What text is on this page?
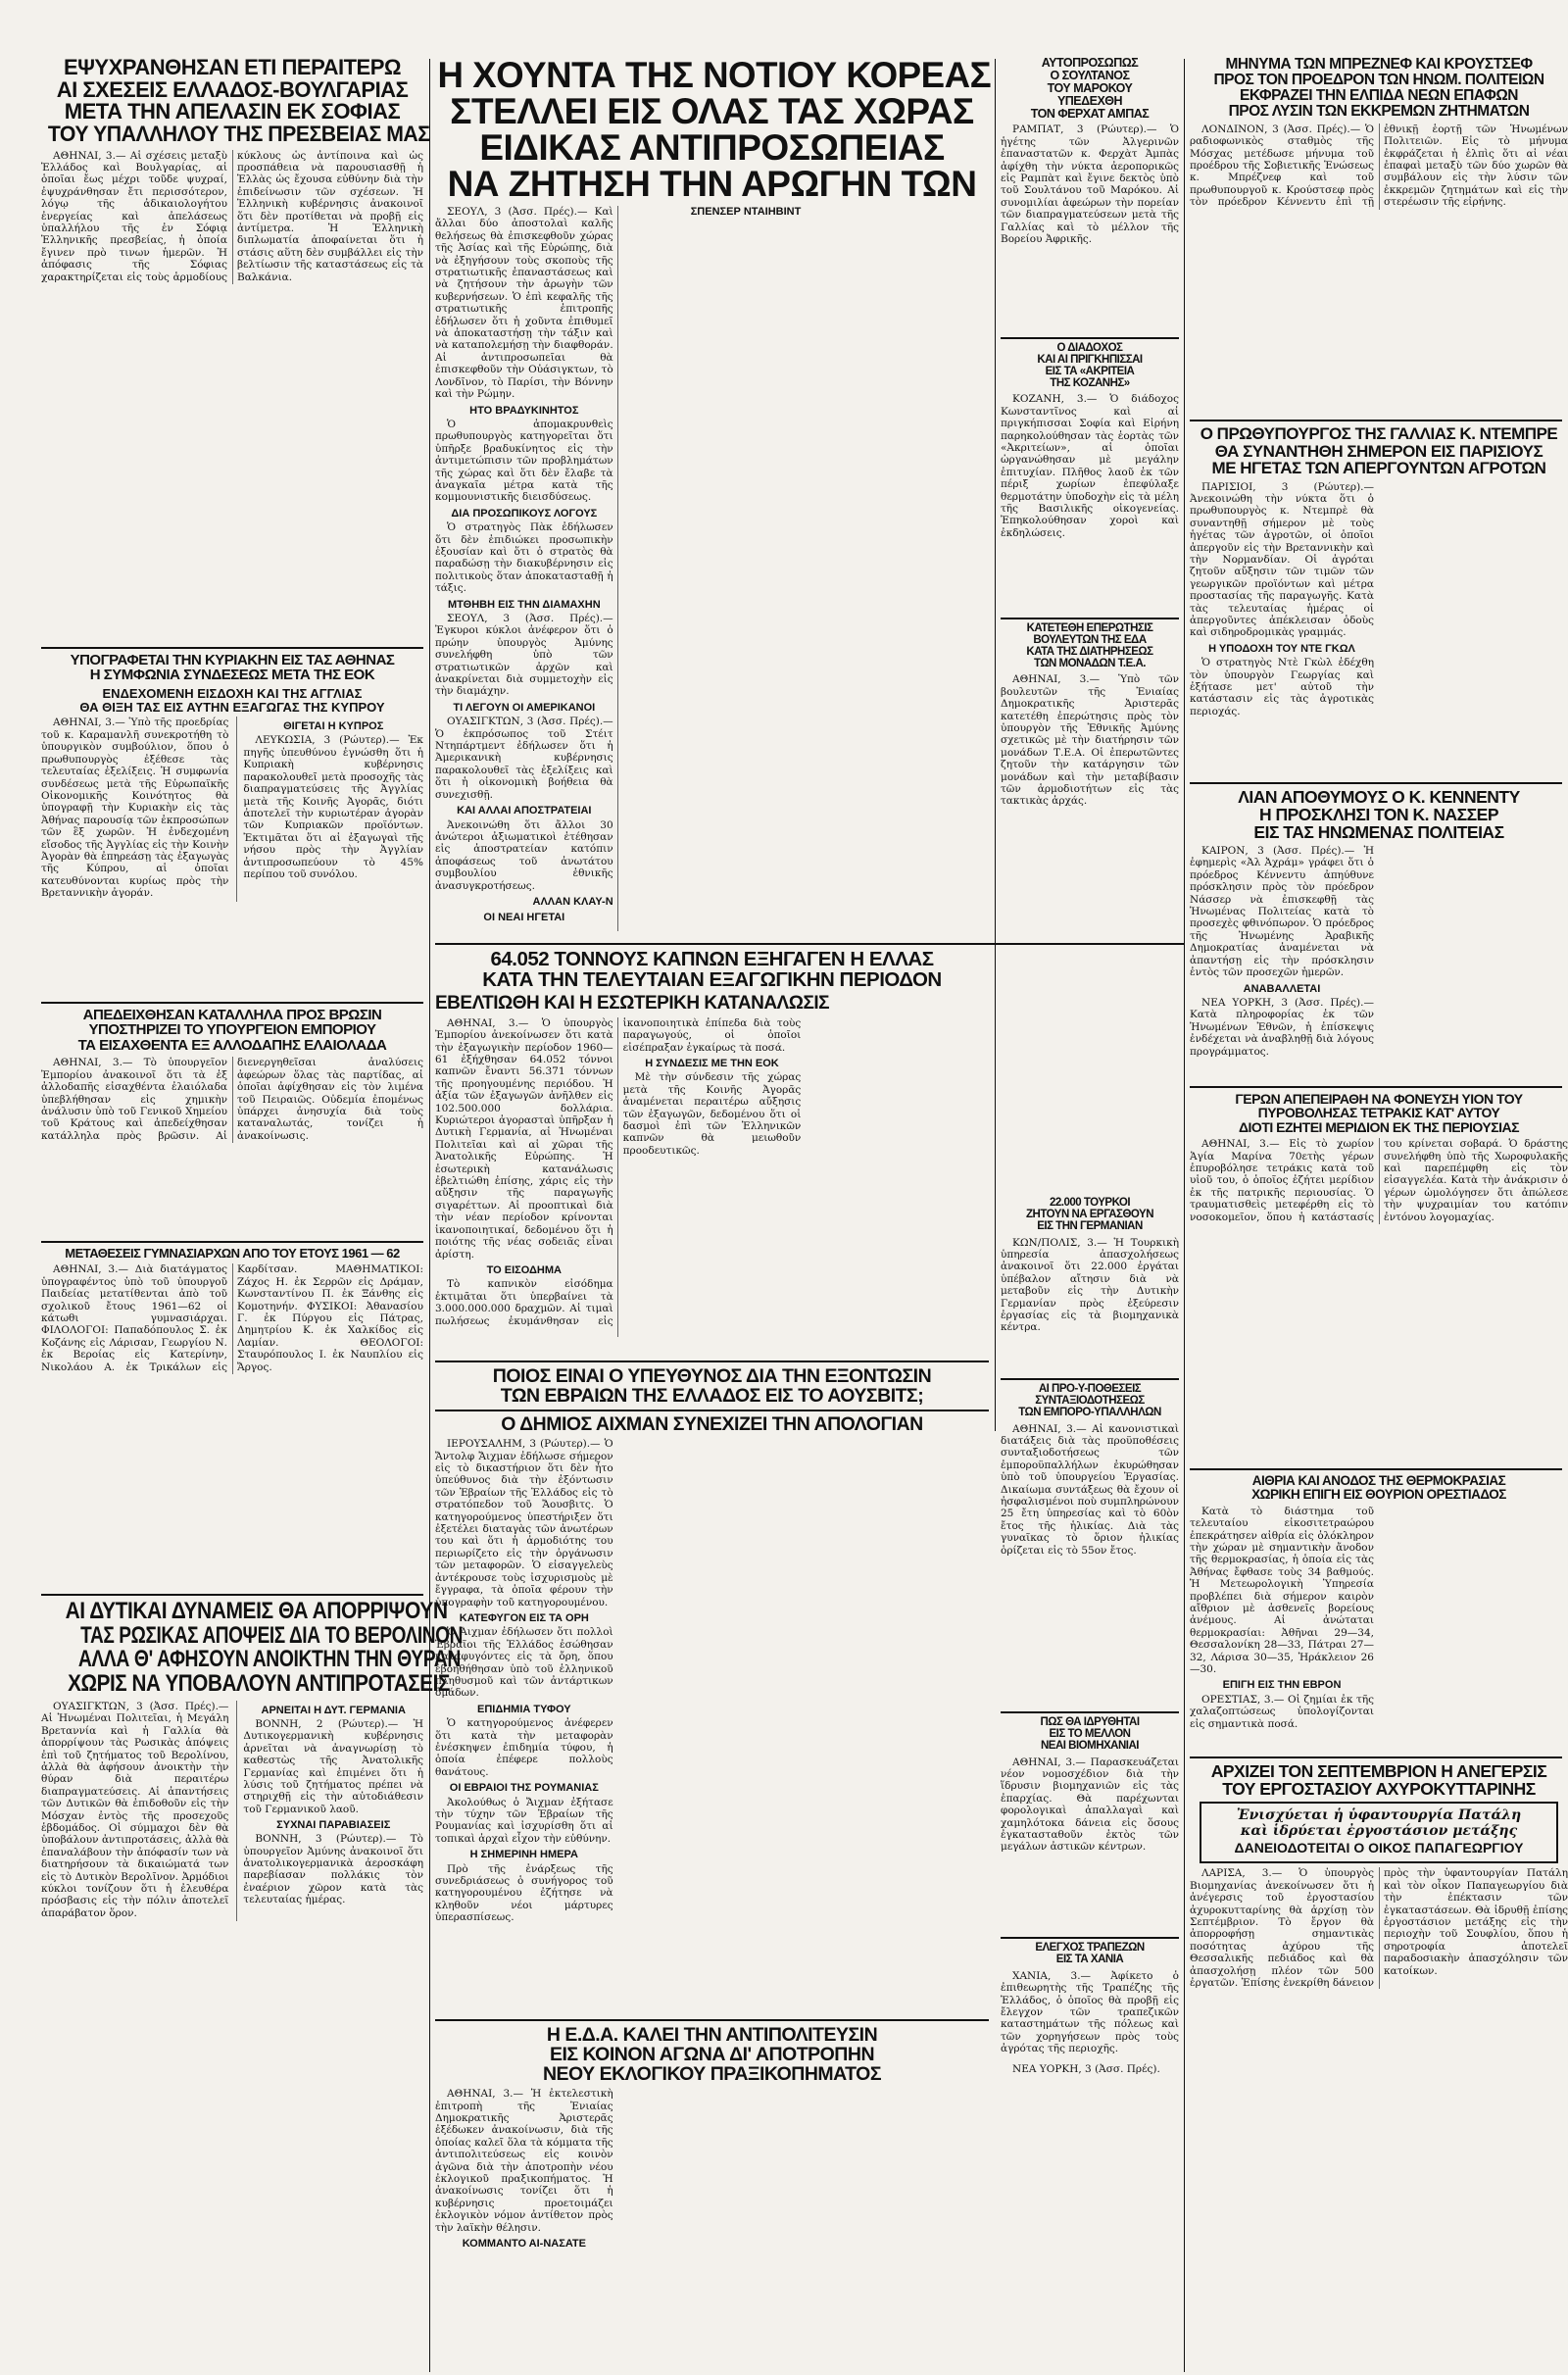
ΕΨΥΧΡΑΝΘΗΣΑΝ ΕΤΙ ΠΕΡΑΙΤΕΡΩ
ΑΙ ΣΧΕΣΕΙΣ ΕΛΛΑΔΟΣ-ΒΟΥΛΓΑΡΙΑΣ
ΜΕΤΑ ΤΗΝ ΑΠΕΛΑΣΙΝ ΕΚ ΣΟΦΙΑΣ
ΤΟΥ ΥΠΑΛΛΗΛΟΥ ΤΗΣ ΠΡΕΣΒΕΙΑΣ ΜΑΣ

ΑΘΗΝΑΙ, 3.— Αἱ σχέσεις μεταξὺ Ἑλλάδος καὶ Βουλγαρίας, αἱ ὁποῖαι ἔως μέχρι τοῦδε ψυχραί, ἐψυχράνθησαν ἔτι περισσότερον, λόγῳ τῆς ἀδικαιολογήτου ἐνεργείας καὶ ἀπελάσεως ὑπαλλήλου τῆς ἐν Σόφιᾳ Ἑλληνικῆς πρεσβείας, ἡ ὁποία ἔγινεν πρὸ τινων ἡμερῶν. Ἡ ἀπόφασις τῆς Σόφιας χαρακτηρίζεται εἰς τοὺς ἁρμοδίους κύκλους ὡς ἀντίποινα καὶ ὡς προσπάθεια νὰ παρουσιασθῇ ἡ Ἑλλὰς ὡς ἔχουσα εὐθύνην διὰ τὴν ἐπιδείνωσιν τῶν σχέσεων. Ἡ Ἑλληνικὴ κυβέρνησις ἀνακοινοῖ ὅτι δὲν προτίθεται νὰ προβῇ εἰς ἀντίμετρα. Ἡ Ἑλληνικὴ διπλωματία ἀποφαίνεται ὅτι ἡ στάσις αὕτη δὲν συμβάλλει εἰς τὴν βελτίωσιν τῆς καταστάσεως εἰς τὰ Βαλκάνια.

ΥΠΟΓΡΑΦΕΤΑΙ ΤΗΝ ΚΥΡΙΑΚΗΝ ΕΙΣ ΤΑΣ ΑΘΗΝΑΣ
Η ΣΥΜΦΩΝΙΑ ΣΥΝΔΕΣΕΩΣ ΜΕΤΑ ΤΗΣ ΕΟΚ
ΕΝΔΕΧΟΜΕΝΗ ΕΙΣΔΟΧΗ ΚΑΙ ΤΗΣ ΑΓΓΛΙΑΣ
ΘΑ ΘΙΞΗ ΤΑΣ ΕΙΣ ΑΥΤΗΝ ΕΞΑΓΩΓΑΣ ΤΗΣ ΚΥΠΡΟΥ

ΑΘΗΝΑΙ, 3.— Ὑπὸ τῆς προεδρίας τοῦ κ. Καραμανλῆ συνεκροτήθη τὸ ὑπουργικὸν συμβούλιον, ὅπου ὁ πρωθυπουργὸς ἐξέθεσε τὰς τελευταίας ἐξελίξεις. Ἡ συμφωνία συνδέσεως μετὰ τῆς Εὐρωπαϊκῆς Οἰκονομικῆς Κοινότητος θὰ ὑπογραφῇ τὴν Κυριακὴν εἰς τὰς Ἀθήνας παρουσίᾳ τῶν ἐκπροσώπων τῶν ἓξ χωρῶν. Ἡ ἐνδεχομένη εἴσοδος τῆς Ἀγγλίας εἰς τὴν Κοινὴν Ἀγορὰν θὰ ἐπηρεάσῃ τὰς ἐξαγωγὰς τῆς Κύπρου, αἱ ὁποῖαι κατευθύνονται κυρίως πρὸς τὴν Βρεταννικὴν ἀγοράν.

ΘΙΓΕΤΑΙ Η ΚΥΠΡΟΣ

ΛΕΥΚΩΣΙΑ, 3 (Ρώυτερ).— Ἐκ πηγῆς ὑπευθύνου ἐγνώσθη ὅτι ἡ Κυπριακὴ κυβέρνησις παρακολουθεῖ μετὰ προσοχῆς τὰς διαπραγματεύσεις τῆς Ἀγγλίας μετὰ τῆς Κοινῆς Ἀγορᾶς, διότι ἀποτελεῖ τὴν κυριωτέραν ἀγορὰν τῶν Κυπριακῶν προϊόντων. Ἐκτιμᾶται ὅτι αἱ ἐξαγωγαὶ τῆς νήσου πρὸς τὴν Ἀγγλίαν ἀντιπροσωπεύουν τὸ 45% περίπου τοῦ συνόλου.

ΑΠΕΔΕΙΧΘΗΣΑΝ ΚΑΤΑΛΛΗΛΑ ΠΡΟΣ ΒΡΩΣΙΝ
ΥΠΟΣΤΗΡΙΖΕΙ ΤΟ ΥΠΟΥΡΓΕΙΟΝ ΕΜΠΟΡΙΟΥ
ΤΑ ΕΙΣΑΧΘΕΝΤΑ ΕΞ ΑΛΛΟΔΑΠΗΣ ΕΛΑΙΟΛΑΔΑ

ΑΘΗΝΑΙ, 3.— Τὸ ὑπουργεῖον Ἐμπορίου ἀνακοινοῖ ὅτι τὰ ἐξ ἀλλοδαπῆς εἰσαχθέντα ἐλαιόλαδα ὑπεβλήθησαν εἰς χημικὴν ἀνάλυσιν ὑπὸ τοῦ Γενικοῦ Χημείου τοῦ Κράτους καὶ ἀπεδείχθησαν κατάλληλα πρὸς βρῶσιν. Αἱ διενεργηθεῖσαι ἀναλύσεις ἀφεώρων ὅλας τὰς παρτίδας, αἱ ὁποῖαι ἀφίχθησαν εἰς τὸν λιμένα τοῦ Πειραιῶς. Οὐδεμία ἐπομένως ὑπάρχει ἀνησυχία διὰ τοὺς καταναλωτάς, τονίζει ἡ ἀνακοίνωσις.

ΜΕΤΑΘΕΣΕΙΣ ΓΥΜΝΑΣΙΑΡΧΩΝ ΑΠΟ ΤΟΥ ΕΤΟΥΣ 1961 — 62

ΑΘΗΝΑΙ, 3.— Διὰ διατάγματος ὑπογραφέντος ὑπὸ τοῦ ὑπουργοῦ Παιδείας μετατίθενται ἀπὸ τοῦ σχολικοῦ ἔτους 1961—62 οἱ κάτωθι γυμνασιάρχαι. ΦΙΛΟΛΟΓΟΙ: Παπαδόπουλος Σ. ἐκ Κοζάνης εἰς Λάρισαν, Γεωργίου Ν. ἐκ Βεροίας εἰς Κατερίνην, Νικολάου Α. ἐκ Τρικάλων εἰς Καρδίτσαν. ΜΑΘΗΜΑΤΙΚΟΙ: Ζάχος Η. ἐκ Σερρῶν εἰς Δράμαν, Κωνσταντίνου Π. ἐκ Ξάνθης εἰς Κομοτηνήν. ΦΥΣΙΚΟΙ: Ἀθανασίου Γ. ἐκ Πύργου εἰς Πάτρας, Δημητρίου Κ. ἐκ Χαλκίδος εἰς Λαμίαν. ΘΕΟΛΟΓΟΙ: Σταυρόπουλος Ι. ἐκ Ναυπλίου εἰς Ἄργος.

ΑΙ ΔΥΤΙΚΑΙ ΔΥΝΑΜΕΙΣ ΘΑ ΑΠΟΡΡΙΨΟΥΝ
ΤΑΣ ΡΩΣΙΚΑΣ ΑΠΟΨΕΙΣ ΔΙΑ ΤΟ ΒΕΡΟΛΙΝΟΝ
ΑΛΛΑ Θ' ΑΦΗΣΟΥΝ ΑΝΟΙΚΤΗΝ ΤΗΝ ΘΥΡΑΝ
ΧΩΡΙΣ ΝΑ ΥΠΟΒΑΛΟΥΝ ΑΝΤΙΠΡΟΤΑΣΕΙΣ

ΟΥΑΣΙΓΚΤΩΝ, 3 (Ἀσσ. Πρές).— Αἱ Ἡνωμέναι Πολιτεῖαι, ἡ Μεγάλη Βρεταννία καὶ ἡ Γαλλία θὰ ἀπορρίψουν τὰς Ρωσικὰς ἀπόψεις ἐπὶ τοῦ ζητήματος τοῦ Βερολίνου, ἀλλὰ θὰ ἀφήσουν ἀνοικτὴν τὴν θύραν διὰ περαιτέρω διαπραγματεύσεις. Αἱ ἀπαντήσεις τῶν Δυτικῶν θὰ ἐπιδοθοῦν εἰς τὴν Μόσχαν ἐντὸς τῆς προσεχοῦς ἑβδομάδος. Οἱ σύμμαχοι δὲν θὰ ὑποβάλουν ἀντιπροτάσεις, ἀλλὰ θὰ ἐπαναλάβουν τὴν ἀπόφασίν των νὰ διατηρήσουν τὰ δικαιώματά των εἰς τὸ Δυτικὸν Βερολῖνον. Ἀρμόδιοι κύκλοι τονίζουν ὅτι ἡ ἐλευθέρα πρόσβασις εἰς τὴν πόλιν ἀποτελεῖ ἀπαράβατον ὅρον.

ΑΡΝΕΙΤΑΙ Η ΔΥΤ. ΓΕΡΜΑΝΙΑ

ΒΟΝΝΗ, 2 (Ρώυτερ).— Ἡ Δυτικογερμανικὴ κυβέρνησις ἀρνεῖται νὰ ἀναγνωρίσῃ τὸ καθεστὼς τῆς Ἀνατολικῆς Γερμανίας καὶ ἐπιμένει ὅτι ἡ λύσις τοῦ ζητήματος πρέπει νὰ στηριχθῇ εἰς τὴν αὐτοδιάθεσιν τοῦ Γερμανικοῦ λαοῦ.

ΣΥΧΝΑΙ ΠΑΡΑΒΙΑΣΕΙΣ

ΒΟΝΝΗ, 3 (Ρώυτερ).— Τὸ ὑπουργεῖον Ἀμύνης ἀνακοινοῖ ὅτι ἀνατολικογερμανικὰ ἀεροσκάφη παρεβίασαν πολλάκις τὸν ἐναέριον χῶρον κατὰ τὰς τελευταίας ἡμέρας.

Η ΧΟΥΝΤΑ ΤΗΣ ΝΟΤΙΟΥ ΚΟΡΕΑΣ
ΣΤΕΛΛΕΙ ΕΙΣ ΟΛΑΣ ΤΑΣ ΧΩΡΑΣ
ΕΙΔΙΚΑΣ ΑΝΤΙΠΡΟΣΩΠΕΙΑΣ
ΝΑ ΖΗΤΗΣΗ ΤΗΝ ΑΡΩΓΗΝ ΤΩΝ

ΣΕΟΥΛ, 3 (Ἀσσ. Πρές).— Καὶ ἄλλαι δύο ἀποστολαὶ καλῆς θελήσεως θὰ ἐπισκεφθοῦν χώρας τῆς Ἀσίας καὶ τῆς Εὐρώπης, διὰ νὰ ἐξηγήσουν τοὺς σκοποὺς τῆς στρατιωτικῆς ἐπαναστάσεως καὶ νὰ ζητήσουν τὴν ἀρωγὴν τῶν κυβερνήσεων. Ὁ ἐπὶ κεφαλῆς τῆς στρατιωτικῆς ἐπιτροπῆς ἐδήλωσεν ὅτι ἡ χοῦντα ἐπιθυμεῖ νὰ ἀποκαταστήσῃ τὴν τάξιν καὶ νὰ καταπολεμήσῃ τὴν διαφθοράν. Αἱ ἀντιπροσωπεῖαι θὰ ἐπισκεφθοῦν τὴν Οὐάσιγκτων, τὸ Λονδῖνον, τὸ Παρίσι, τὴν Βόννην καὶ τὴν Ρώμην.

ΗΤΟ ΒΡΑΔΥΚΙΝΗΤΟΣ

Ὁ ἀπομακρυνθεὶς πρωθυπουργὸς κατηγορεῖται ὅτι ὑπῆρξε βραδυκίνητος εἰς τὴν ἀντιμετώπισιν τῶν προβλημάτων τῆς χώρας καὶ ὅτι δὲν ἔλαβε τὰ ἀναγκαῖα μέτρα κατὰ τῆς κομμουνιστικῆς διεισδύσεως.

ΔΙΑ ΠΡΟΣΩΠΙΚΟΥΣ ΛΟΓΟΥΣ

Ὁ στρατηγὸς Πὰκ ἐδήλωσεν ὅτι δὲν ἐπιδιώκει προσωπικὴν ἐξουσίαν καὶ ὅτι ὁ στρατὸς θὰ παραδώσῃ τὴν διακυβέρνησιν εἰς πολιτικοὺς ὅταν ἀποκατασταθῇ ἡ τάξις.

ΜΤΘΗΒΗ ΕΙΣ ΤΗΝ ΔΙΑΜΑΧΗΝ

ΣΕΟΥΛ, 3 (Ἀσσ. Πρές).— Ἐγκυροι κύκλοι ἀνέφερον ὅτι ὁ πρώην ὑπουργὸς Ἀμύνης συνελήφθη ὑπὸ τῶν στρατιωτικῶν ἀρχῶν καὶ ἀνακρίνεται διὰ συμμετοχὴν εἰς τὴν διαμάχην.

ΤΙ ΛΕΓΟΥΝ ΟΙ ΑΜΕΡΙΚΑΝΟΙ

ΟΥΑΣΙΓΚΤΩΝ, 3 (Ἀσσ. Πρές).— Ὁ ἐκπρόσωπος τοῦ Στέιτ Ντηπάρτμεντ ἐδήλωσεν ὅτι ἡ Ἀμερικανικὴ κυβέρνησις παρακολουθεῖ τὰς ἐξελίξεις καὶ ὅτι ἡ οἰκονομικὴ βοήθεια θὰ συνεχισθῇ.

ΚΑΙ ΑΛΛΑΙ ΑΠΟΣΤΡΑΤΕΙΑΙ

Ἀνεκοινώθη ὅτι ἄλλοι 30 ἀνώτεροι ἀξιωματικοὶ ἐτέθησαν εἰς ἀποστρατείαν κατόπιν ἀποφάσεως τοῦ ἀνωτάτου συμβουλίου ἐθνικῆς ἀνασυγκροτήσεως.

ΑΛΛΑΝ ΚΛΑΥ-Ν
ΟΙ ΝΕΑΙ ΗΓΕΤΑΙ
ΣΠΕΝΣΕΡ ΝΤΑΙΗΒΙΝΤ
ΑΥΤΟΠΡΟΣΩΠΩΣ
Ο ΣΟΥΛΤΑΝΟΣ
ΤΟΥ ΜΑΡΟΚΟΥ
ΥΠΕΔΕΧΘΗ
ΤΟΝ ΦΕΡΧΑΤ ΑΜΠΑΣ

ΡΑΜΠΑΤ, 3 (Ρώυτερ).— Ὁ ἡγέτης τῶν Ἀλγερινῶν ἐπαναστατῶν κ. Φερχὰτ Ἀμπὰς ἀφίχθη τὴν νύκτα ἀεροπορικῶς εἰς Ραμπὰτ καὶ ἔγινε δεκτὸς ὑπὸ τοῦ Σουλτάνου τοῦ Μαρόκου. Αἱ συνομιλίαι ἀφεώρων τὴν πορείαν τῶν διαπραγματεύσεων μετὰ τῆς Γαλλίας καὶ τὸ μέλλον τῆς Βορείου Ἀφρικῆς.

Ο ΔΙΑΔΟΧΟΣ
ΚΑΙ ΑΙ ΠΡΙΓΚΗΠΙΣΣΑΙ
ΕΙΣ ΤΑ «ΑΚΡΙΤΕΙΑ
ΤΗΣ ΚΟΖΑΝΗΣ»

ΚΟΖΑΝΗ, 3.— Ὁ διάδοχος Κωνσταντῖνος καὶ αἱ πριγκήπισσαι Σοφία καὶ Εἰρήνη παρηκολούθησαν τὰς ἑορτὰς τῶν «Ἀκριτείων», αἱ ὁποῖαι ὠργανώθησαν μὲ μεγάλην ἐπιτυχίαν. Πλῆθος λαοῦ ἐκ τῶν πέριξ χωρίων ἐπεφύλαξε θερμοτάτην ὑποδοχὴν εἰς τὰ μέλη τῆς Βασιλικῆς οἰκογενείας. Ἐπηκολούθησαν χοροὶ καὶ ἐκδηλώσεις.

ΚΑΤΕΤΕΘΗ ΕΠΕΡΩΤΗΣΙΣ
ΒΟΥΛΕΥΤΩΝ ΤΗΣ ΕΔΑ
ΚΑΤΑ ΤΗΣ ΔΙΑΤΗΡΗΣΕΩΣ
ΤΩΝ ΜΟΝΑΔΩΝ Τ.Ε.Α.

ΑΘΗΝΑΙ, 3.— Ὑπὸ τῶν βουλευτῶν τῆς Ἐνιαίας Δημοκρατικῆς Ἀριστερᾶς κατετέθη ἐπερώτησις πρὸς τὸν ὑπουργὸν τῆς Ἐθνικῆς Ἀμύνης σχετικῶς μὲ τὴν διατήρησιν τῶν μονάδων Τ.Ε.Α. Οἱ ἐπερωτῶντες ζητοῦν τὴν κατάργησιν τῶν μονάδων καὶ τὴν μεταβίβασιν τῶν ἁρμοδιοτήτων εἰς τὰς τακτικὰς ἀρχάς.

64.052 ΤΟΝΝΟΥΣ ΚΑΠΝΩΝ ΕΞΗΓΑΓΕΝ Η ΕΛΛΑΣ
ΚΑΤΑ ΤΗΝ ΤΕΛΕΥΤΑΙΑΝ ΕΞΑΓΩΓΙΚΗΝ ΠΕΡΙΟΔΟΝ
ΕΒΕΛΤΙΩΘΗ ΚΑΙ Η ΕΣΩΤΕΡΙΚΗ ΚΑΤΑΝΑΛΩΣΙΣ

ΑΘΗΝΑΙ, 3.— Ὁ ὑπουργὸς Ἐμπορίου ἀνεκοίνωσεν ὅτι κατὰ τὴν ἐξαγωγικὴν περίοδον 1960—61 ἐξήχθησαν 64.052 τόννοι καπνῶν ἔναντι 56.371 τόννων τῆς προηγουμένης περιόδου. Ἡ ἀξία τῶν ἐξαγωγῶν ἀνῆλθεν εἰς 102.500.000 δολλάρια. Κυριώτεροι ἀγορασταὶ ὑπῆρξαν ἡ Δυτικὴ Γερμανία, αἱ Ἡνωμέναι Πολιτεῖαι καὶ αἱ χῶραι τῆς Ἀνατολικῆς Εὐρώπης. Ἡ ἐσωτερικὴ κατανάλωσις ἐβελτιώθη ἐπίσης, χάρις εἰς τὴν αὔξησιν τῆς παραγωγῆς σιγαρέττων. Αἱ προοπτικαὶ διὰ τὴν νέαν περίοδον κρίνονται ἱκανοποιητικαί, δεδομένου ὅτι ἡ ποιότης τῆς νέας σοδειᾶς εἶναι ἀρίστη.

ΤΟ ΕΙΣΟΔΗΜΑ

Τὸ καπνικὸν εἰσόδημα ἐκτιμᾶται ὅτι ὑπερβαίνει τὰ 3.000.000.000 δραχμῶν. Αἱ τιμαὶ πωλήσεως ἐκυμάνθησαν εἰς ἱκανοποιητικὰ ἐπίπεδα διὰ τοὺς παραγωγούς, οἱ ὁποῖοι εἰσέπραξαν ἐγκαίρως τὰ ποσά.

Η ΣΥΝΔΕΣΙΣ ΜΕ ΤΗΝ ΕΟΚ

Μὲ τὴν σύνδεσιν τῆς χώρας μετὰ τῆς Κοινῆς Ἀγορᾶς ἀναμένεται περαιτέρω αὔξησις τῶν ἐξαγωγῶν, δεδομένου ὅτι οἱ δασμοὶ ἐπὶ τῶν Ἑλληνικῶν καπνῶν θὰ μειωθοῦν προοδευτικῶς.

22.000 ΤΟΥΡΚΟΙ
ΖΗΤΟΥΝ ΝΑ ΕΡΓΑΣΘΟΥΝ
ΕΙΣ ΤΗΝ ΓΕΡΜΑΝΙΑΝ

ΚΩΝ/ΠΟΛΙΣ, 3.— Ἡ Τουρκικὴ ὑπηρεσία ἀπασχολήσεως ἀνακοινοῖ ὅτι 22.000 ἐργάται ὑπέβαλον αἴτησιν διὰ νὰ μεταβοῦν εἰς τὴν Δυτικὴν Γερμανίαν πρὸς ἐξεύρεσιν ἐργασίας εἰς τὰ βιομηχανικὰ κέντρα.

ΑΙ ΠΡΟ-Υ-ΠΟΘΕΣΕΙΣ
ΣΥΝΤΑΞΙΟΔΟΤΗΣΕΩΣ
ΤΩΝ ΕΜΠΟΡΟ-ΥΠΑΛΛΗΛΩΝ

ΑΘΗΝΑΙ, 3.— Αἱ κανονιστικαὶ διατάξεις διὰ τὰς προϋποθέσεις συνταξιοδοτήσεως τῶν ἐμποροϋπαλλήλων ἐκυρώθησαν ὑπὸ τοῦ ὑπουργείου Ἐργασίας. Δικαίωμα συντάξεως θὰ ἔχουν οἱ ἠσφαλισμένοι ποὺ συμπληρώνουν 25 ἔτη ὑπηρεσίας καὶ τὸ 60ὸν ἔτος τῆς ἡλικίας. Διὰ τὰς γυναῖκας τὸ ὅριον ἡλικίας ὁρίζεται εἰς τὸ 55ον ἔτος.

ΠΩΣ ΘΑ ΙΔΡΥΘΗΤΑΙ
ΕΙΣ ΤΟ ΜΕΛΛΟΝ
ΝΕΑΙ ΒΙΟΜΗΧΑΝΙΑΙ

ΑΘΗΝΑΙ, 3.— Παρασκευάζεται νέον νομοσχέδιον διὰ τὴν ἵδρυσιν βιομηχανιῶν εἰς τὰς ἐπαρχίας. Θὰ παρέχωνται φορολογικαὶ ἀπαλλαγαὶ καὶ χαμηλότοκα δάνεια εἰς ὅσους ἐγκατασταθοῦν ἐκτὸς τῶν μεγάλων ἀστικῶν κέντρων.

ΕΛΕΓΧΟΣ ΤΡΑΠΕΖΩΝ
ΕΙΣ ΤΑ ΧΑΝΙΑ

ΧΑΝΙΑ, 3.— Ἀφίκετο ὁ ἐπιθεωρητὴς τῆς Τραπέζης τῆς Ἑλλάδος, ὁ ὁποῖος θὰ προβῇ εἰς ἔλεγχον τῶν τραπεζικῶν καταστημάτων τῆς πόλεως καὶ τῶν χορηγήσεων πρὸς τοὺς ἀγρότας τῆς περιοχῆς.

ΝΕΑ ΥΟΡΚΗ, 3 (Ἀσσ. Πρές).

ΠΟΙΟΣ ΕΙΝΑΙ Ο ΥΠΕΥΘΥΝΟΣ ΔΙΑ ΤΗΝ ΕΞΟΝΤΩΣΙΝ
ΤΩΝ ΕΒΡΑΙΩΝ ΤΗΣ ΕΛΛΑΔΟΣ ΕΙΣ ΤΟ ΑΟΥΣΒΙΤΣ;
Ο ΔΗΜΙΟΣ ΑΙΧΜΑΝ ΣΥΝΕΧΙΖΕΙ ΤΗΝ ΑΠΟΛΟΓΙΑΝ

ΙΕΡΟΥΣΑΛΗΜ, 3 (Ρώυτερ).— Ὁ Ἄντολφ Ἄιχμαν ἐδήλωσε σήμερον εἰς τὸ δικαστήριον ὅτι δὲν ἦτο ὑπεύθυνος διὰ τὴν ἐξόντωσιν τῶν Ἑβραίων τῆς Ἑλλάδος εἰς τὸ στρατόπεδον τοῦ Ἄουσβιτς. Ὁ κατηγορούμενος ὑπεστήριξεν ὅτι ἐξετέλει διαταγὰς τῶν ἀνωτέρων του καὶ ὅτι ἡ ἀρμοδιότης του περιωρίζετο εἰς τὴν ὀργάνωσιν τῶν μεταφορῶν. Ὁ εἰσαγγελεὺς ἀντέκρουσε τοὺς ἰσχυρισμοὺς μὲ ἔγγραφα, τὰ ὁποῖα φέρουν τὴν ὑπογραφὴν τοῦ κατηγορουμένου.

ΚΑΤΕΦΥΓΟΝ ΕΙΣ ΤΑ ΟΡΗ

Ὁ Ἄιχμαν ἐδήλωσεν ὅτι πολλοὶ Ἑβραῖοι τῆς Ἑλλάδος ἐσώθησαν καταφυγόντες εἰς τὰ ὄρη, ὅπου ἐβοηθήθησαν ὑπὸ τοῦ ἑλληνικοῦ πληθυσμοῦ καὶ τῶν ἀντάρτικων ὁμάδων.

ΕΠΙΔΗΜΙΑ ΤΥΦΟΥ

Ὁ κατηγορούμενος ἀνέφερεν ὅτι κατὰ τὴν μεταφορὰν ἐνέσκηψεν ἐπιδημία τύφου, ἡ ὁποία ἐπέφερε πολλοὺς θανάτους.

ΟΙ ΕΒΡΑΙΟΙ ΤΗΣ ΡΟΥΜΑΝΙΑΣ

Ἀκολούθως ὁ Ἄιχμαν ἐξήτασε τὴν τύχην τῶν Ἑβραίων τῆς Ρουμανίας καὶ ἰσχυρίσθη ὅτι αἱ τοπικαὶ ἀρχαὶ εἶχον τὴν εὐθύνην.

Η ΣΗΜΕΡΙΝΗ ΗΜΕΡΑ

Πρὸ τῆς ἐνάρξεως τῆς συνεδριάσεως ὁ συνήγορος τοῦ κατηγορουμένου ἐζήτησε νὰ κληθοῦν νέοι μάρτυρες ὑπερασπίσεως.

Η Ε.Δ.Α. ΚΑΛΕΙ ΤΗΝ ΑΝΤΙΠΟΛΙΤΕΥΣΙΝ
ΕΙΣ ΚΟΙΝΟΝ ΑΓΩΝΑ ΔΙ' ΑΠΟΤΡΟΠΗΝ
ΝΕΟΥ ΕΚΛΟΓΙΚΟΥ ΠΡΑΞΙΚΟΠΗΜΑΤΟΣ

ΑΘΗΝΑΙ, 3.— Ἡ ἐκτελεστικὴ ἐπιτροπὴ τῆς Ἐνιαίας Δημοκρατικῆς Ἀριστερᾶς ἐξέδωκεν ἀνακοίνωσιν, διὰ τῆς ὁποίας καλεῖ ὅλα τὰ κόμματα τῆς ἀντιπολιτεύσεως εἰς κοινὸν ἀγῶνα διὰ τὴν ἀποτροπὴν νέου ἐκλογικοῦ πραξικοπήματος. Ἡ ἀνακοίνωσις τονίζει ὅτι ἡ κυβέρνησις προετοιμάζει ἐκλογικὸν νόμον ἀντίθετον πρὸς τὴν λαϊκὴν θέλησιν.

ΚΟΜΜΑΝΤΟ ΑΙ-ΝΑΣΑΤΕ
ΜΗΝΥΜΑ ΤΩΝ ΜΠΡΕΖΝΕΦ ΚΑΙ ΚΡΟΥΣΤΣΕΦ
ΠΡΟΣ ΤΟΝ ΠΡΟΕΔΡΟΝ ΤΩΝ ΗΝΩΜ. ΠΟΛΙΤΕΙΩΝ
ΕΚΦΡΑΖΕΙ ΤΗΝ ΕΛΠΙΔΑ ΝΕΩΝ ΕΠΑΦΩΝ
ΠΡΟΣ ΛΥΣΙΝ ΤΩΝ ΕΚΚΡΕΜΩΝ ΖΗΤΗΜΑΤΩΝ

ΛΟΝΔΙΝΟΝ, 3 (Ἀσσ. Πρές).— Ὁ ραδιοφωνικὸς σταθμὸς τῆς Μόσχας μετέδωσε μήνυμα τοῦ προέδρου τῆς Σοβιετικῆς Ἑνώσεως κ. Μπρέζνεφ καὶ τοῦ πρωθυπουργοῦ κ. Κρούστσεφ πρὸς τὸν πρόεδρον Κέννεντυ ἐπὶ τῇ ἐθνικῇ ἑορτῇ τῶν Ἡνωμένων Πολιτειῶν. Εἰς τὸ μήνυμα ἐκφράζεται ἡ ἐλπὶς ὅτι αἱ νέαι ἐπαφαὶ μεταξὺ τῶν δύο χωρῶν θὰ συμβάλουν εἰς τὴν λύσιν τῶν ἐκκρεμῶν ζητημάτων καὶ εἰς τὴν στερέωσιν τῆς εἰρήνης.

Ο ΠΡΩΘΥΠΟΥΡΓΟΣ ΤΗΣ ΓΑΛΛΙΑΣ Κ. ΝΤΕΜΠΡΕ
ΘΑ ΣΥΝΑΝΤΗΘΗ ΣΗΜΕΡΟΝ ΕΙΣ ΠΑΡΙΣΙΟΥΣ
ΜΕ ΗΓΕΤΑΣ ΤΩΝ ΑΠΕΡΓΟΥΝΤΩΝ ΑΓΡΟΤΩΝ

ΠΑΡΙΣΙΟΙ, 3 (Ρώυτερ).— Ἀνεκοινώθη τὴν νύκτα ὅτι ὁ πρωθυπουργὸς κ. Ντεμπρὲ θὰ συναντηθῇ σήμερον μὲ τοὺς ἡγέτας τῶν ἀγροτῶν, οἱ ὁποῖοι ἀπεργοῦν εἰς τὴν Βρεταννικὴν καὶ τὴν Νορμανδίαν. Οἱ ἀγρόται ζητοῦν αὔξησιν τῶν τιμῶν τῶν γεωργικῶν προϊόντων καὶ μέτρα προστασίας τῆς παραγωγῆς. Κατὰ τὰς τελευταίας ἡμέρας οἱ ἀπεργοῦντες ἀπέκλεισαν ὁδοὺς καὶ σιδηροδρομικὰς γραμμάς.

Η ΥΠΟΔΟΧΗ ΤΟΥ ΝΤΕ ΓΚΩΛ

Ὁ στρατηγὸς Ντὲ Γκὼλ ἐδέχθη τὸν ὑπουργὸν Γεωργίας καὶ ἐξήτασε μετ' αὐτοῦ τὴν κατάστασιν εἰς τὰς ἀγροτικὰς περιοχάς.

ΛΙΑΝ ΑΠΟΘΥΜΟΥΣ Ο Κ. ΚΕΝΝΕΝΤΥ
Η ΠΡΟΣΚΛΗΣΙ ΤΟΝ Κ. ΝΑΣΣΕΡ
ΕΙΣ ΤΑΣ ΗΝΩΜΕΝΑΣ ΠΟΛΙΤΕΙΑΣ

ΚΑΙΡΟΝ, 3 (Ἀσσ. Πρές).— Ἡ ἐφημερὶς «Ἀλ Ἀχράμ» γράφει ὅτι ὁ πρόεδρος Κέννεντυ ἀπηύθυνε πρόσκλησιν πρὸς τὸν πρόεδρον Νάσσερ νὰ ἐπισκεφθῇ τὰς Ἡνωμένας Πολιτείας κατὰ τὸ προσεχὲς φθινόπωρον. Ὁ πρόεδρος τῆς Ἡνωμένης Ἀραβικῆς Δημοκρατίας ἀναμένεται νὰ ἀπαντήσῃ εἰς τὴν πρόσκλησιν ἐντὸς τῶν προσεχῶν ἡμερῶν.

ΑΝΑΒΑΛΛΕΤΑΙ

ΝΕΑ ΥΟΡΚΗ, 3 (Ἀσσ. Πρές).— Κατὰ πληροφορίας ἐκ τῶν Ἡνωμένων Ἐθνῶν, ἡ ἐπίσκεψις ἐνδέχεται νὰ ἀναβληθῇ διὰ λόγους προγράμματος.

ΓΕΡΩΝ ΑΠΕΠΕΙΡΑΘΗ ΝΑ ΦΟΝΕΥΣΗ ΥΙΟΝ ΤΟΥ
ΠΥΡΟΒΟΛΗΣΑΣ ΤΕΤΡΑΚΙΣ ΚΑΤ' ΑΥΤΟΥ
ΔΙΟΤΙ ΕΖΗΤΕΙ ΜΕΡΙΔΙΟΝ ΕΚ ΤΗΣ ΠΕΡΙΟΥΣΙΑΣ

ΑΘΗΝΑΙ, 3.— Εἰς τὸ χωρίον Ἁγία Μαρίνα 70ετὴς γέρων ἐπυροβόλησε τετράκις κατὰ τοῦ υἱοῦ του, ὁ ὁποῖος ἐζήτει μερίδιον ἐκ τῆς πατρικῆς περιουσίας. Ὁ τραυματισθεὶς μετεφέρθη εἰς τὸ νοσοκομεῖον, ὅπου ἡ κατάστασίς του κρίνεται σοβαρά. Ὁ δράστης συνελήφθη ὑπὸ τῆς Χωροφυλακῆς καὶ παρεπέμφθη εἰς τὸν εἰσαγγελέα. Κατὰ τὴν ἀνάκρισιν ὁ γέρων ὡμολόγησεν ὅτι ἀπώλεσε τὴν ψυχραιμίαν του κατόπιν ἐντόνου λογομαχίας.

ΑΙΘΡΙΑ ΚΑΙ ΑΝΟΔΟΣ ΤΗΣ ΘΕΡΜΟΚΡΑΣΙΑΣ
ΧΩΡΙΚΗ ΕΠΙΓΗ ΕΙΣ ΘΟΥΡΙΟΝ ΟΡΕΣΤΙΑΔΟΣ

Κατὰ τὸ διάστημα τοῦ τελευταίου εἰκοσιτετραώρου ἐπεκράτησεν αἰθρία εἰς ὁλόκληρον τὴν χώραν μὲ σημαντικὴν ἄνοδον τῆς θερμοκρασίας, ἡ ὁποία εἰς τὰς Ἀθήνας ἔφθασε τοὺς 34 βαθμούς. Ἡ Μετεωρολογικὴ Ὑπηρεσία προβλέπει διὰ σήμερον καιρὸν αἴθριον μὲ ἀσθενεῖς βορείους ἀνέμους. Αἱ ἀνώταται θερμοκρασίαι: Ἀθῆναι 29—34, Θεσσαλονίκη 28—33, Πάτραι 27—32, Λάρισα 30—35, Ἡράκλειον 26—30.

ΕΠΙΓΗ ΕΙΣ ΤΗΝ ΕΒΡΟΝ

ΟΡΕΣΤΙΑΣ, 3.— Οἱ ζημίαι ἐκ τῆς χαλαζοπτώσεως ὑπολογίζονται εἰς σημαντικὰ ποσά.

ΑΡΧΙΖΕΙ ΤΟΝ ΣΕΠΤΕΜΒΡΙΟΝ Η ΑΝΕΓΕΡΣΙΣ
ΤΟΥ ΕΡΓΟΣΤΑΣΙΟΥ ΑΧΥΡΟΚΥΤΤΑΡΙΝΗΣ
Ἐνισχύεται ἡ ὑφαντουργία Πατάλη
καὶ ἱδρύεται ἐργοστάσιον μετάξης
ΔΑΝΕΙΟΔΟΤΕΙΤΑΙ Ο ΟΙΚΟΣ ΠΑΠΑΓΕΩΡΓΙΟΥ

ΛΑΡΙΣΑ, 3.— Ὁ ὑπουργὸς Βιομηχανίας ἀνεκοίνωσεν ὅτι ἡ ἀνέγερσις τοῦ ἐργοστασίου ἀχυροκυτταρίνης θὰ ἀρχίσῃ τὸν Σεπτέμβριον. Τὸ ἔργον θὰ ἀπορροφήσῃ σημαντικὰς ποσότητας ἀχύρου τῆς Θεσσαλικῆς πεδιάδος καὶ θὰ ἀπασχολήσῃ πλέον τῶν 500 ἐργατῶν. Ἐπίσης ἐνεκρίθη δάνειον πρὸς τὴν ὑφαντουργίαν Πατάλη καὶ τὸν οἶκον Παπαγεωργίου διὰ τὴν ἐπέκτασιν τῶν ἐγκαταστάσεων. Θὰ ἱδρυθῇ ἐπίσης ἐργοστάσιον μετάξης εἰς τὴν περιοχὴν τοῦ Σουφλίου, ὅπου ἡ σηροτροφία ἀποτελεῖ παραδοσιακὴν ἀπασχόλησιν τῶν κατοίκων.
